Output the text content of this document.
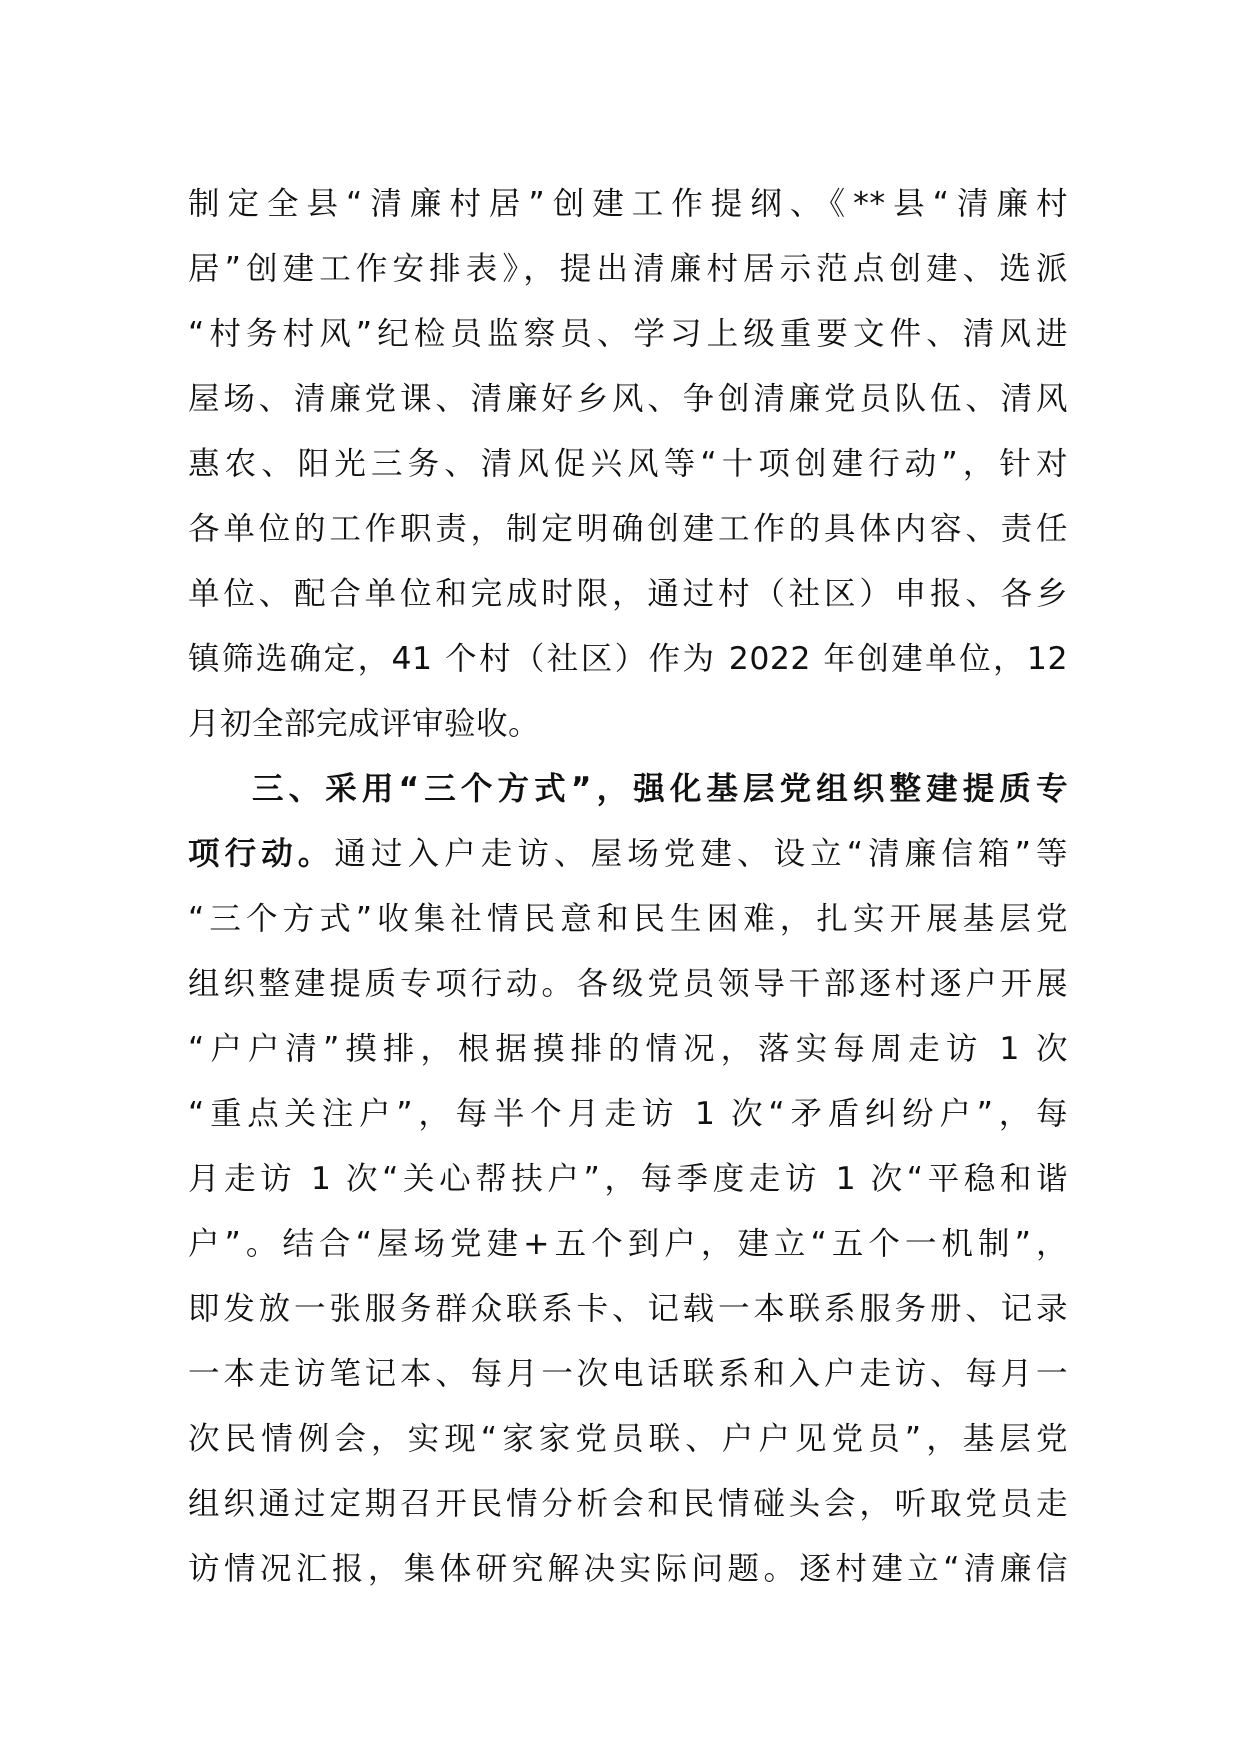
制定全县“清廉村居”创建工作提纲、《**县“清廉村
居”创建工作安排表》，提出清廉村居示范点创建、选派
“村务村风”纪检员监察员、学习上级重要文件、清风进
屋场、清廉党课、清廉好乡风、争创清廉党员队伍、清风
惠农、阳光三务、清风促兴风等“十项创建行动”，针对
各单位的工作职责，制定明确创建工作的具体内容、责任
单位、配合单位和完成时限，通过村（社区）申报、各乡
镇筛选确定，41 个村（社区）作为 2022 年创建单位，12
月初全部完成评审验收。
三、采用“三个方式”，强化基层党组织整建提质专
项行动。通过入户走访、屋场党建、设立“清廉信箱”等
“三个方式”收集社情民意和民生困难，扎实开展基层党
组织整建提质专项行动。各级党员领导干部逐村逐户开展
“户户清”摸排，根据摸排的情况，落实每周走访 1 次
“重点关注户”，每半个月走访 1 次“矛盾纠纷户”，每
月走访 1 次“关心帮扶户”，每季度走访 1 次“平稳和谐
户”。结合“屋场党建+五个到户，建立“五个一机制”，
即发放一张服务群众联系卡、记载一本联系服务册、记录
一本走访笔记本、每月一次电话联系和入户走访、每月一
次民情例会，实现“家家党员联、户户见党员”，基层党
组织通过定期召开民情分析会和民情碰头会，听取党员走
访情况汇报，集体研究解决实际问题。逐村建立“清廉信
